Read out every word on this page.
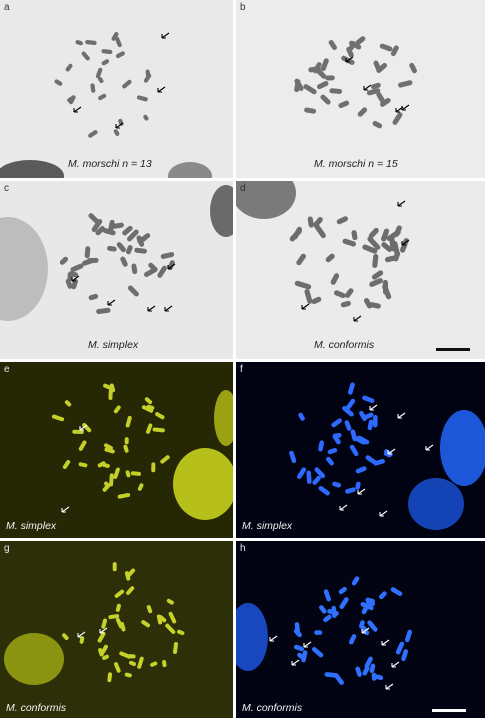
a
M. morschi n = 13
b
M. morschi n = 15
c
M. simplex
d
M. conformis
e
M. simplex
f
M. simplex
g
M. conformis
h
M. conformis
